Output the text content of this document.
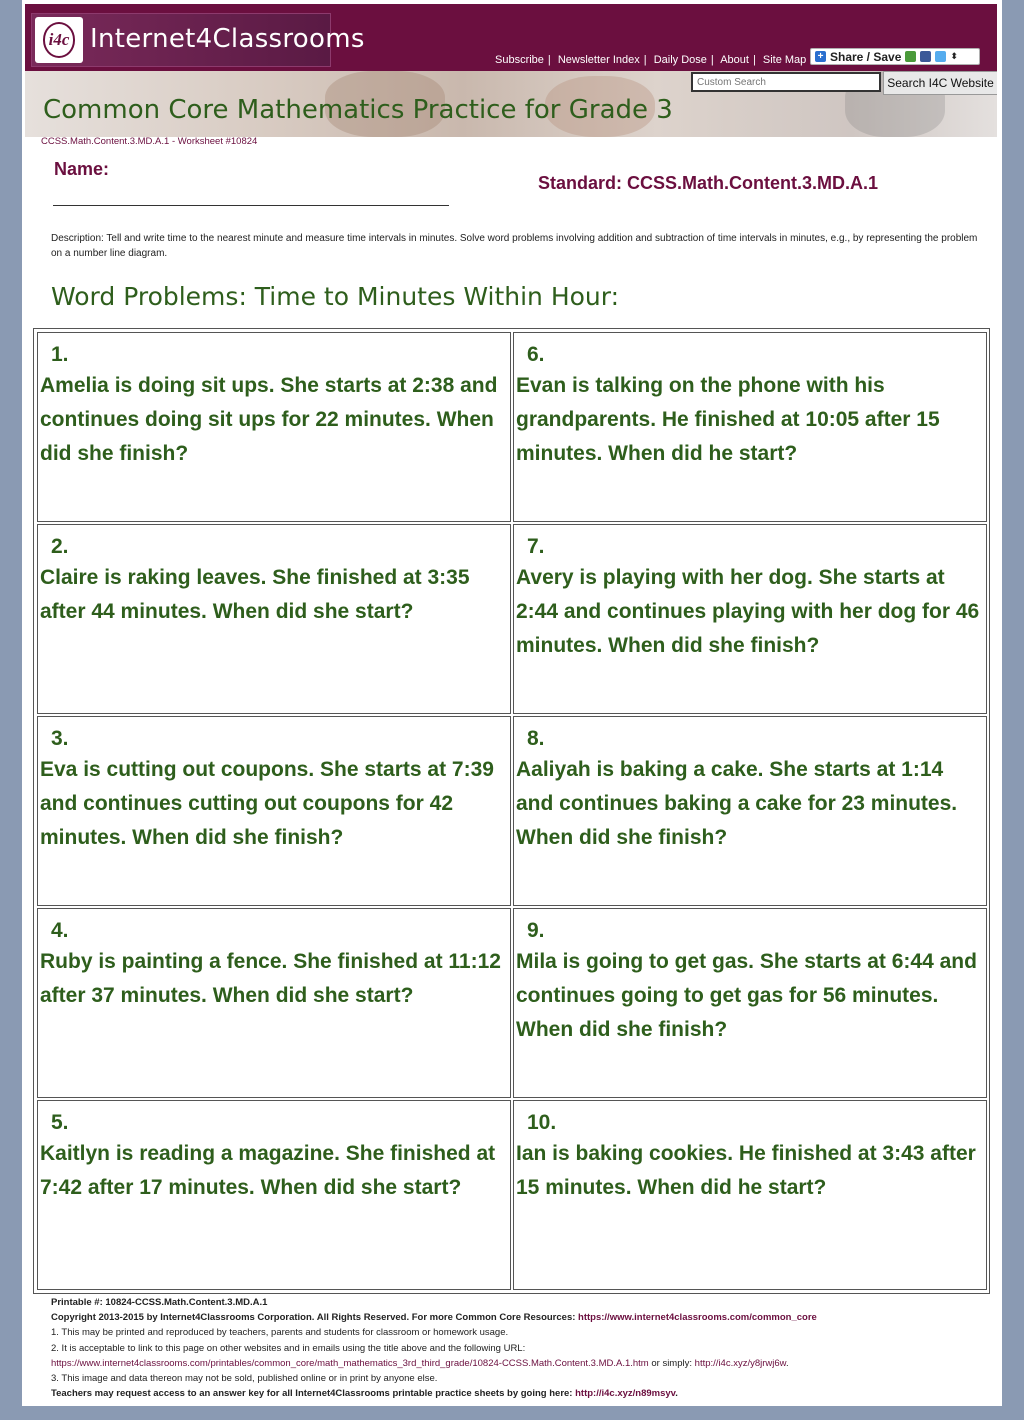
i4c Internet4Classrooms
Subscribe | Newsletter Index | Daily Dose | About | Site Map + Share / Save	⬍
Custom Search
Search I4C Website
Common Core Mathematics Practice for Grade 3
CCSS.Math.Content.3.MD.A.1 - Worksheet #10824
Name:
Standard: CCSS.Math.Content.3.MD.A.1
Description: Tell and write time to the nearest minute and measure time intervals in minutes. Solve word problems involving addition and subtraction of time intervals in minutes, e.g., by representing the problem on a number line diagram.
Word Problems: Time to Minutes Within Hour:
1.
Amelia is doing sit ups. She starts at 2:38 and continues doing sit ups for 22 minutes. When did she finish?
6.
Evan is talking on the phone with his grandparents. He finished at 10:05 after 15 minutes. When did he start?
2.
Claire is raking leaves. She finished at 3:35 after 44 minutes. When did she start?
7.
Avery is playing with her dog. She starts at 2:44 and continues playing with her dog for 46 minutes. When did she finish?
3.
Eva is cutting out coupons. She starts at 7:39 and continues cutting out coupons for 42 minutes. When did she finish?
8.
Aaliyah is baking a cake. She starts at 1:14 and continues baking a cake for 23 minutes. When did she finish?
4.
Ruby is painting a fence. She finished at 11:12 after 37 minutes. When did she start?
9.
Mila is going to get gas. She starts at 6:44 and continues going to get gas for 56 minutes. When did she finish?
5.
Kaitlyn is reading a magazine. She finished at 7:42 after 17 minutes. When did she start?
10.
Ian is baking cookies. He finished at 3:43 after 15 minutes. When did he start?
Printable #: 10824-CCSS.Math.Content.3.MD.A.1
Copyright 2013-2015 by Internet4Classrooms Corporation. All Rights Reserved. For more Common Core Resources: https://www.internet4classrooms.com/common_core
1. This may be printed and reproduced by teachers, parents and students for classroom or homework usage.
2. It is acceptable to link to this page on other websites and in emails using the title above and the following URL:
https://www.internet4classrooms.com/printables/common_core/math_mathematics_3rd_third_grade/10824-CCSS.Math.Content.3.MD.A.1.htm or simply: http://i4c.xyz/y8jrwj6w.
3. This image and data thereon may not be sold, published online or in print by anyone else.
Teachers may request access to an answer key for all Internet4Classrooms printable practice sheets by going here: http://i4c.xyz/n89msyv.
